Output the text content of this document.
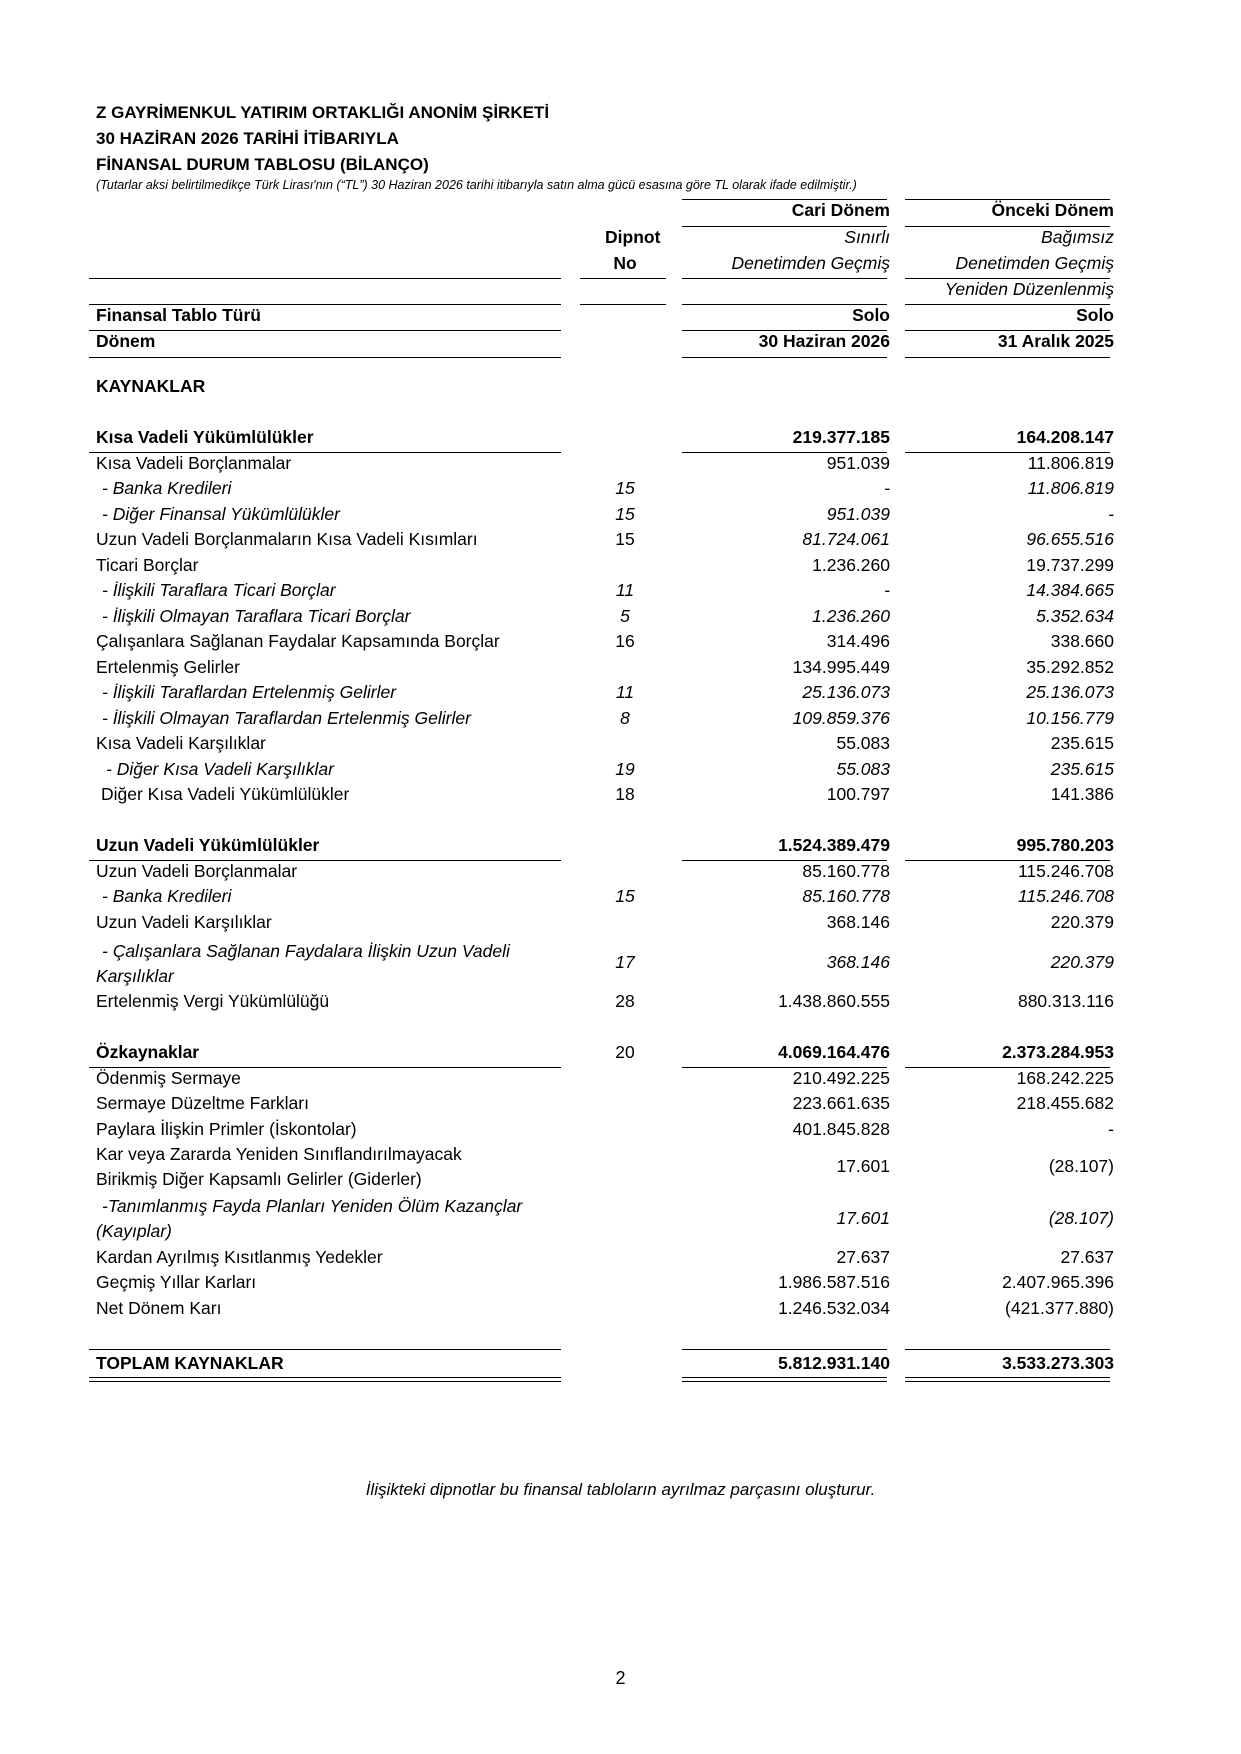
Z GAYRİMENKUL YATIRIM ORTAKLIĞI ANONİM ŞİRKETİ
30 HAZİRAN 2026 TARİHİ İTİBARIYLA
FİNANSAL DURUM TABLOSU (BİLANÇO)
(Tutarlar aksi belirtilmedikçe Türk Lirası'nın (“TL”) 30 Haziran 2026 tarihi itibarıyla satın alma gücü esasına göre TL olarak ifade edilmiştir.)
Cari Dönem	Önceki Dönem
Dipnot	Sınırlı	Bağımsız
No	Denetimden Geçmiş	Denetimden Geçmiş
Yeniden Düzenlenmiş
Finansal Tablo Türü	Solo	Solo
Dönem	30 Haziran 2026	31 Aralık 2025
KAYNAKLAR
Kısa Vadeli Yükümlülükler	219.377.185	164.208.147
Kısa Vadeli Borçlanmalar	951.039	11.806.819
- Banka Kredileri	15	-	11.806.819
- Diğer Finansal Yükümlülükler	15	951.039	-
Uzun Vadeli Borçlanmaların Kısa Vadeli Kısımları	15	81.724.061	96.655.516
Ticari Borçlar	1.236.260	19.737.299
- İlişkili Taraflara Ticari Borçlar	11	-	14.384.665
- İlişkili Olmayan Taraflara Ticari Borçlar	5	1.236.260	5.352.634
Çalışanlara Sağlanan Faydalar Kapsamında Borçlar	16	314.496	338.660
Ertelenmiş Gelirler	134.995.449	35.292.852
- İlişkili Taraflardan Ertelenmiş Gelirler	11	25.136.073	25.136.073
- İlişkili Olmayan Taraflardan Ertelenmiş Gelirler	8	109.859.376	10.156.779
Kısa Vadeli Karşılıklar	55.083	235.615
- Diğer Kısa Vadeli Karşılıklar	19	55.083	235.615
Diğer Kısa Vadeli Yükümlülükler	18	100.797	141.386
Uzun Vadeli Yükümlülükler	1.524.389.479	995.780.203
Uzun Vadeli Borçlanmalar	85.160.778	115.246.708
- Banka Kredileri	15	85.160.778	115.246.708
Uzun Vadeli Karşılıklar	368.146	220.379
- Çalışanlara Sağlanan Faydalara İlişkin Uzun Vadeli
Karşılıklar
17	368.146	220.379
Ertelenmiş Vergi Yükümlülüğü	28	1.438.860.555	880.313.116
Özkaynaklar	20	4.069.164.476	2.373.284.953
Ödenmiş Sermaye	210.492.225	168.242.225
Sermaye Düzeltme Farkları	223.661.635	218.455.682
Paylara İlişkin Primler (İskontolar)	401.845.828	-
Kar veya Zararda Yeniden Sınıflandırılmayacak
Birikmiş Diğer Kapsamlı Gelirler (Giderler)
17.601	(28.107)
-Tanımlanmış Fayda Planları Yeniden Ölüm Kazançlar
(Kayıplar)
17.601	(28.107)
Kardan Ayrılmış Kısıtlanmış Yedekler	27.637	27.637
Geçmiş Yıllar Karları	1.986.587.516	2.407.965.396
Net Dönem Karı	1.246.532.034	(421.377.880)
TOPLAM KAYNAKLAR	5.812.931.140	3.533.273.303
İlişikteki dipnotlar bu finansal tabloların ayrılmaz parçasını oluşturur.
2
